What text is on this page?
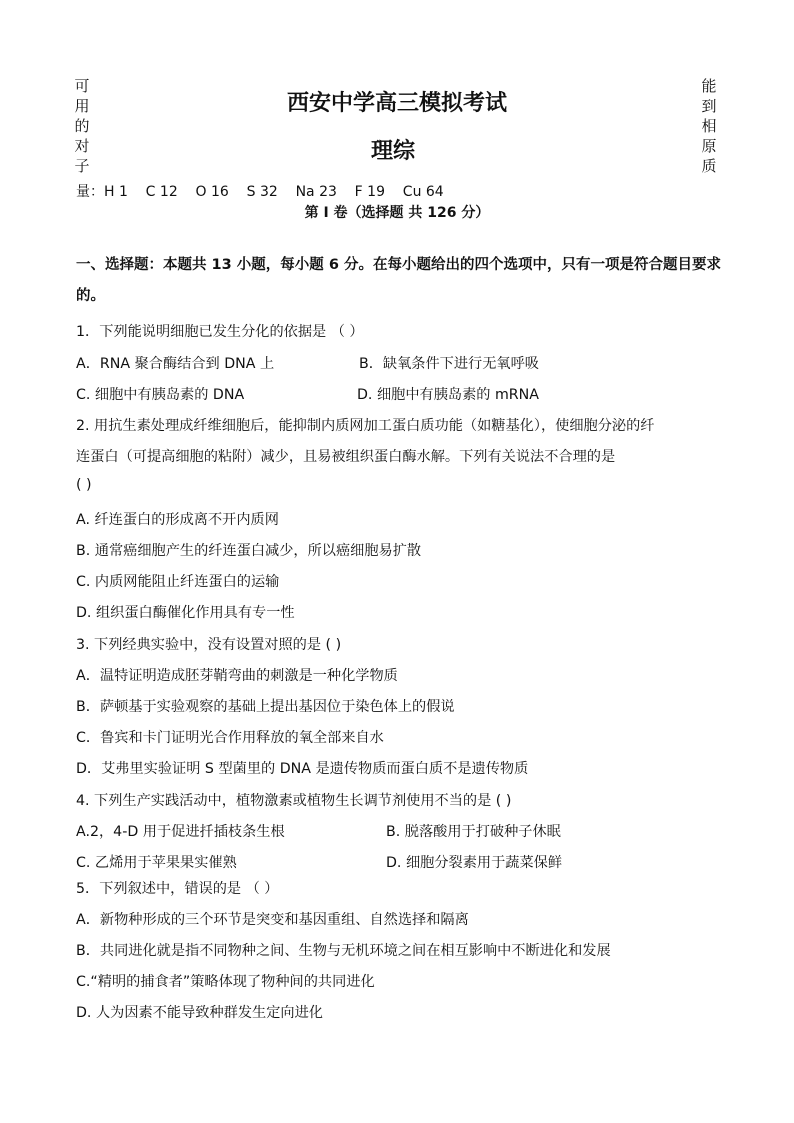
可
用
的
对
子
能
到
相
原
质
西安中学高三模拟考试
理综
量：H 1    C 12    O 16    S 32    Na 23    F 19    Cu 64
第 I 卷（选择题 共 126 分）
一、选择题：本题共 13 小题，每小题 6 分。在每小题给出的四个选项中，只有一项是符合题目要求的。
1．下列能说明细胞已发生分化的依据是 （ ）
A．RNA 聚合酶结合到 DNA 上	B．缺氧条件下进行无氧呼吸
C. 细胞中有胰岛素的 DNA	D. 细胞中有胰岛素的 mRNA
2. 用抗生素处理成纤维细胞后，能抑制内质网加工蛋白质功能（如糖基化），使细胞分泌的纤
连蛋白（可提高细胞的粘附）减少，且易被组织蛋白酶水解。下列有关说法不合理的是
( )
A. 纤连蛋白的形成离不开内质网
B. 通常癌细胞产生的纤连蛋白减少，所以癌细胞易扩散
C. 内质网能阻止纤连蛋白的运输
D. 组织蛋白酶催化作用具有专一性
3. 下列经典实验中，没有设置对照的是 ( )
A．温特证明造成胚芽鞘弯曲的刺激是一种化学物质
B．萨顿基于实验观察的基础上提出基因位于染色体上的假说
C．鲁宾和卡门证明光合作用释放的氧全部来自水
D．艾弗里实验证明 S 型菌里的 DNA 是遗传物质而蛋白质不是遗传物质
4. 下列生产实践活动中，植物激素或植物生长调节剂使用不当的是 ( )
A.2，4-D 用于促进扦插枝条生根	B. 脱落酸用于打破种子休眠
C. 乙烯用于苹果果实催熟	D. 细胞分裂素用于蔬菜保鲜
5．下列叙述中，错误的是 （ ）
A．新物种形成的三个环节是突变和基因重组、自然选择和隔离
B．共同进化就是指不同物种之间、生物与无机环境之间在相互影响中不断进化和发展
C.“精明的捕食者”策略体现了物种间的共同进化
D. 人为因素不能导致种群发生定向进化
